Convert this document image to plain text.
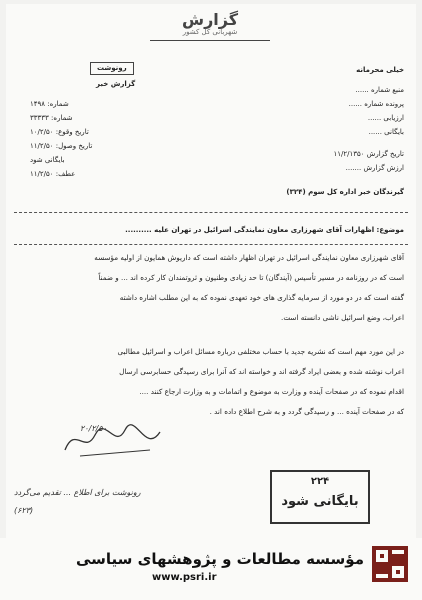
گزارش
شهربانی کل کشور
خیلی محرمانه
منبع شماره ......
پرونده شماره ......
ارزیابی ......
بایگانی ......
تاریخ گزارش ۱۱/۲/۱۳۵۰
ارزش گزارش .......
گیرندگان خبر اداره کل سوم (۳۲۴)
رونوشت
گزارش خبر
شماره: ۱۴۹۸
شماره: ۳۳۳۳۳
تاریخ وقوع: ۱۰/۲/۵۰
تاریخ وصول: ۱۱/۲/۵۰
بایگانی شود
عطف: ۱۱/۲/۵۰
موضوع: اظهارات آقای شهرزاری معاون نمایندگی اسرائیل در تهران علیه ..........
آقای شهرزاری معاون نمایندگی اسرائیل در تهران اظهار داشته است که داریوش همایون از اولیه مؤسسه
است که در روزنامه در مسیر تأسیس (آیندگان) تا حد زیادی وطنیون و ثروتمندان کار کرده اند ... و ضمناً
گفته است که در دو مورد از سرمایه گذاری های خود تعهدی نموده که به این مطلب اشاره داشته
اعراب، وضع اسرائیل ناشی دانسته است.
در این مورد مهم است که نشریه جدید با حساب مختلفی درباره مسائل اعراب و اسرائیل مطالبی
اعراب نوشته شده و بعضی ایراد گرفته اند و خواسته اند که آنرا برای رسیدگی حسابرسی ارسال
اقدام نموده که در صفحات آینده و وزارت به موضوع و اتمامات و به وزارت ارجاع کنند ....
که در صفحات آینده ... و رسیدگی گردد و به شرح اطلاع داده اند .
۲۰/۲/۵۰
۲۲۴
بایگانی شود
رونوشت برای اطلاع ... تقدیم می‌گردد
(۶۲۳)
مؤسسه مطالعات و پژوهشهای سیاسی
www.psri.ir
